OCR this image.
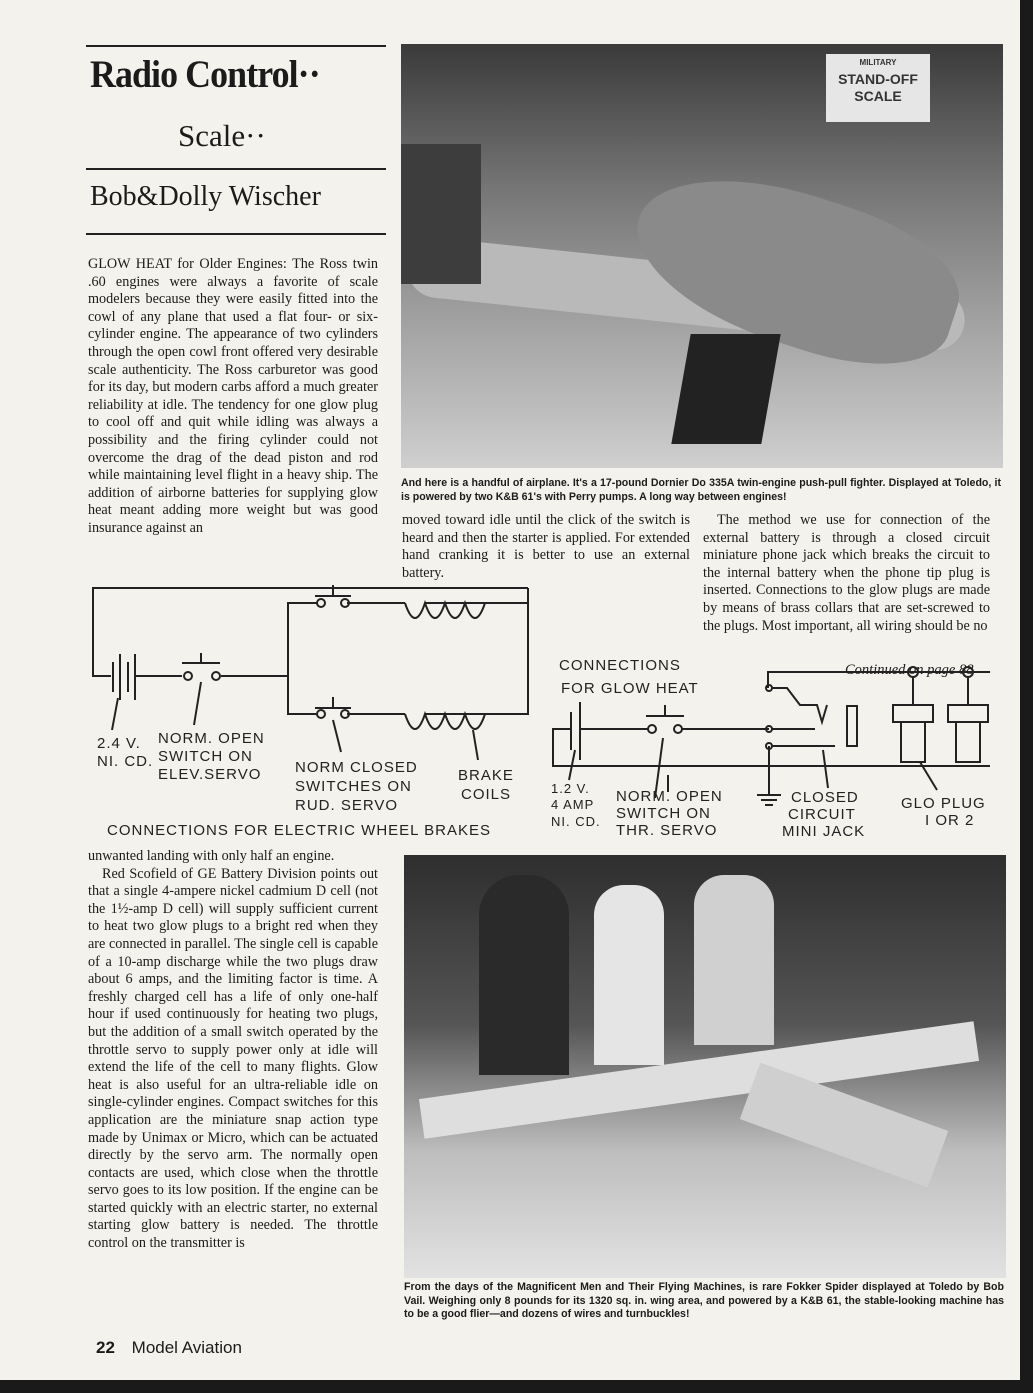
Radio Control··
Scale··
Bob&Dolly Wischer
GLOW HEAT for Older Engines: The Ross twin .60 engines were always a favorite of scale modelers because they were easily fitted into the cowl of any plane that used a flat four- or six-cylinder engine. The appearance of two cylinders through the open cowl front offered very desirable scale authenticity. The Ross carburetor was good for its day, but modern carbs afford a much greater reliability at idle. The tendency for one glow plug to cool off and quit while idling was always a possibility and the firing cylinder could not overcome the drag of the dead piston and rod while maintaining level flight in a heavy ship. The addition of airborne batteries for supplying glow heat meant adding more weight but was good insurance against an
MILITARY
STAND-OFF
SCALE
And here is a handful of airplane. It's a 17-pound Dornier Do 335A twin-engine push-pull fighter. Displayed at Toledo, it is powered by two K&B 61's with Perry pumps. A long way between engines!
moved toward idle until the click of the switch is heard and then the starter is applied. For extended hand cranking it is better to use an external battery.
The method we use for connection of the external battery is through a closed circuit miniature phone jack which breaks the circuit to the internal battery when the phone tip plug is inserted. Connections to the glow plugs are made by means of brass collars that are set-screwed to the plugs. Most important, all wiring should be no
Continued on page 88
2.4 V.
NI. CD.
NORM. OPEN
SWITCH ON
ELEV.SERVO NORM CLOSED
SWITCHES ON
RUD. SERVO
BRAKE
COILS
CONNECTIONS FOR ELECTRIC WHEEL BRAKES
CONNECTIONS
FOR GLOW HEAT
1.2 V.
4 AMP
NI. CD.
NORM. OPEN
SWITCH ON
THR. SERVO
CLOSED
CIRCUIT
MINI JACK
GLO PLUG
I OR 2
unwanted landing with only half an engine.
Red Scofield of GE Battery Division points out that a single 4-ampere nickel cadmium D cell (not the 1½-amp D cell) will supply sufficient current to heat two glow plugs to a bright red when they are connected in parallel. The single cell is capable of a 10-amp discharge while the two plugs draw about 6 amps, and the limiting factor is time. A freshly charged cell has a life of only one-half hour if used continuously for heating two plugs, but the addition of a small switch operated by the throttle servo to supply power only at idle will extend the life of the cell to many flights. Glow heat is also useful for an ultra-reliable idle on single-cylinder engines. Compact switches for this application are the miniature snap action type made by Unimax or Micro, which can be actuated directly by the servo arm. The normally open contacts are used, which close when the throttle servo goes to its low position. If the engine can be started quickly with an electric starter, no external starting glow battery is needed. The throttle control on the transmitter is
From the days of the Magnificent Men and Their Flying Machines, is rare Fokker Spider displayed at Toledo by Bob Vail. Weighing only 8 pounds for its 1320 sq. in. wing area, and powered by a K&B 61, the stable-looking machine has to be a good flier—and dozens of wires and turnbuckles!
22 Model Aviation
